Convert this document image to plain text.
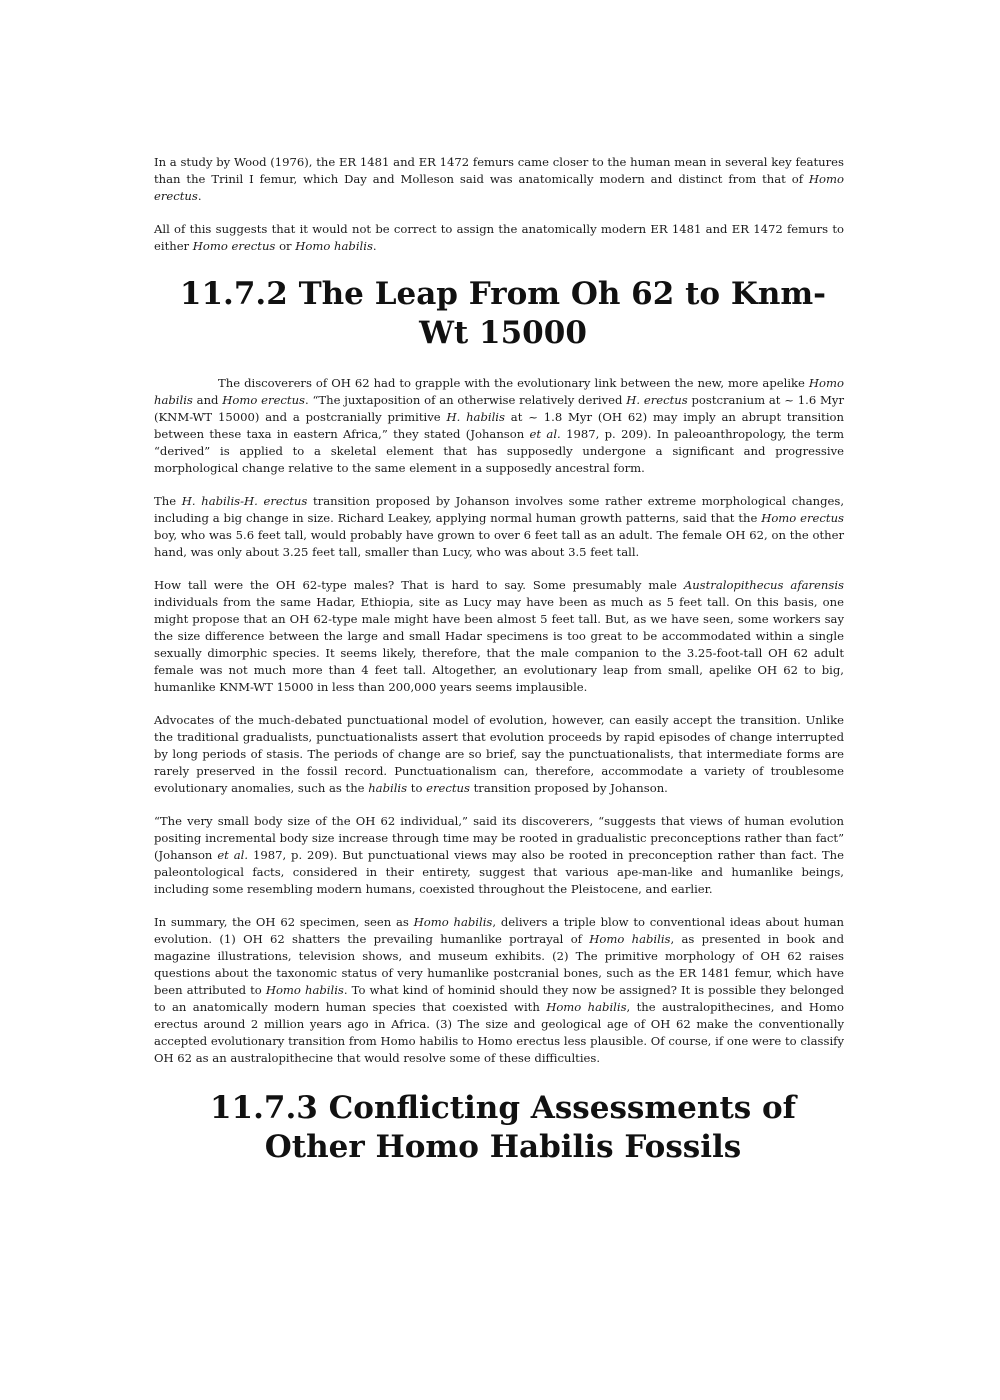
In a study by Wood (1976), the ER 1481 and ER 1472 femurs came closer to the human mean in several key features than the Trinil I femur, which Day and Molleson said was anatomically modern and distinct from that of Homo erectus.

All of this suggests that it would not be correct to assign the anatomically modern ER 1481 and ER 1472 femurs to either Homo erectus or Homo habilis.

11.7.2 The Leap From Oh 62 to Knm-Wt 15000

The discoverers of OH 62 had to grapple with the evolutionary link between the new, more apelike Homo habilis and Homo erectus. “The juxtaposition of an otherwise relatively derived H. erectus postcranium at ~ 1.6 Myr (KNM-WT 15000) and a postcranially primitive H. habilis at ~ 1.8 Myr (OH 62) may imply an abrupt transition between these taxa in eastern Africa,” they stated (Johanson et al. 1987, p. 209). In paleoanthropology, the term “derived” is applied to a skeletal element that has supposedly undergone a significant and progressive morphological change relative to the same element in a supposedly ancestral form.

The H. habilis-H. erectus transition proposed by Johanson involves some rather extreme morphological changes, including a big change in size. Richard Leakey, applying normal human growth patterns, said that the Homo erectus boy, who was 5.6 feet tall, would probably have grown to over 6 feet tall as an adult. The female OH 62, on the other hand, was only about 3.25 feet tall, smaller than Lucy, who was about 3.5 feet tall.

How tall were the OH 62-type males? That is hard to say. Some presumably male Australopithecus afarensis individuals from the same Hadar, Ethiopia, site as Lucy may have been as much as 5 feet tall. On this basis, one might propose that an OH 62-type male might have been almost 5 feet tall. But, as we have seen, some workers say the size difference between the large and small Hadar specimens is too great to be accommodated within a single sexually dimorphic species. It seems likely, therefore, that the male companion to the 3.25-foot-tall OH 62 adult female was not much more than 4 feet tall. Altogether, an evolutionary leap from small, apelike OH 62 to big, humanlike KNM-WT 15000 in less than 200,000 years seems implausible.

Advocates of the much-debated punctuational model of evolution, however, can easily accept the transition. Unlike the traditional gradualists, punctuationalists assert that evolution proceeds by rapid episodes of change interrupted by long periods of stasis. The periods of change are so brief, say the punctuationalists, that intermediate forms are rarely preserved in the fossil record. Punctuationalism can, therefore, accommodate a variety of troublesome evolutionary anomalies, such as the habilis to erectus transition proposed by Johanson.

“The very small body size of the OH 62 individual,” said its discoverers, “suggests that views of human evolution positing incremental body size increase through time may be rooted in gradualistic preconceptions rather than fact” (Johanson et al. 1987, p. 209). But punctuational views may also be rooted in preconception rather than fact. The paleontological facts, considered in their entirety, suggest that various ape-man-like and humanlike beings, including some resembling modern humans, coexisted throughout the Pleistocene, and earlier.

In summary, the OH 62 specimen, seen as Homo habilis, delivers a triple blow to conventional ideas about human evolution. (1) OH 62 shatters the prevailing humanlike portrayal of Homo habilis, as presented in book and magazine illustrations, television shows, and museum exhibits. (2) The primitive morphology of OH 62 raises questions about the taxonomic status of very humanlike postcranial bones, such as the ER 1481 femur, which have been attributed to Homo habilis. To what kind of hominid should they now be assigned? It is possible they belonged to an anatomically modern human species that coexisted with Homo habilis, the australopithecines, and Homo erectus around 2 million years ago in Africa. (3) The size and geological age of OH 62 make the conventionally accepted evolutionary transition from Homo habilis to Homo erectus less plausible. Of course, if one were to classify OH 62 as an australopithecine that would resolve some of these difficulties.

11.7.3 Conflicting Assessments of Other Homo Habilis Fossils
